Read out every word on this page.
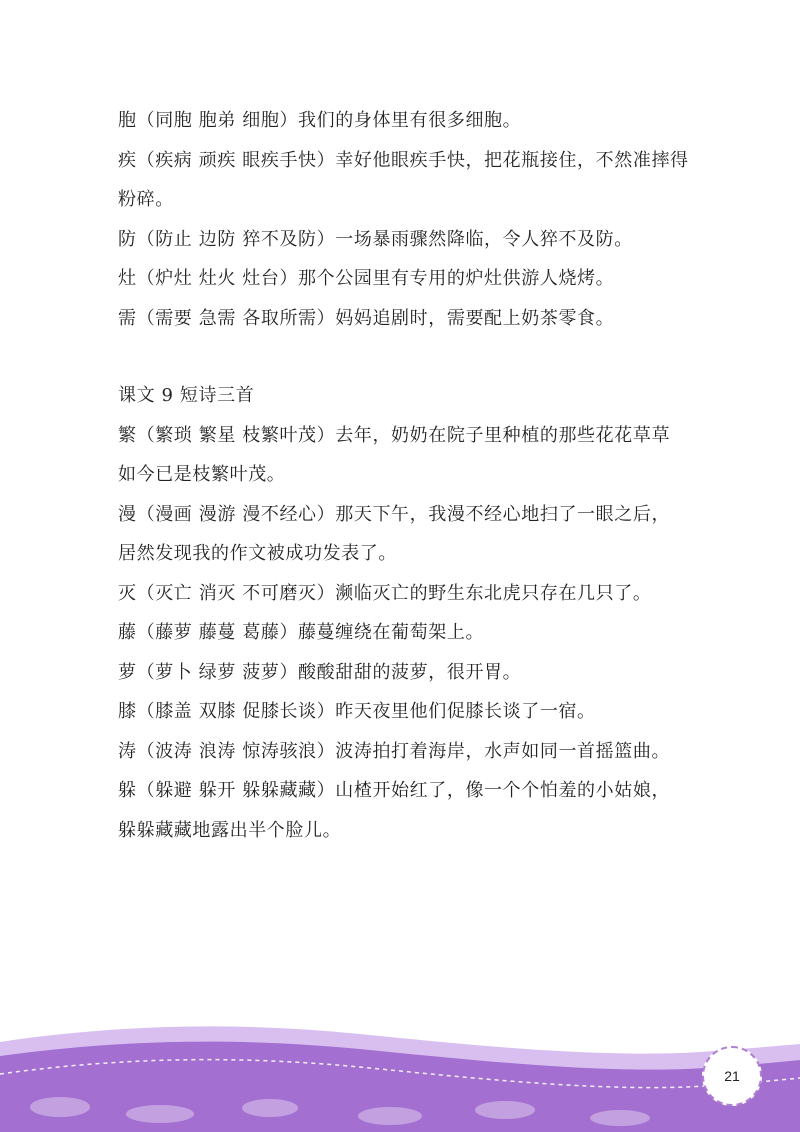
胞（同胞 胞弟 细胞）我们的身体里有很多细胞。
疾（疾病 顽疾 眼疾手快）幸好他眼疾手快，把花瓶接住，不然准摔得
粉碎。
防（防止 边防 猝不及防）一场暴雨骤然降临，令人猝不及防。
灶（炉灶 灶火 灶台）那个公园里有专用的炉灶供游人烧烤。
需（需要 急需 各取所需）妈妈追剧时，需要配上奶茶零食。
课文 9 短诗三首
繁（繁琐 繁星 枝繁叶茂）去年，奶奶在院子里种植的那些花花草草
如今已是枝繁叶茂。
漫（漫画 漫游 漫不经心）那天下午，我漫不经心地扫了一眼之后，
居然发现我的作文被成功发表了。
灭（灭亡 消灭 不可磨灭）濒临灭亡的野生东北虎只存在几只了。
藤（藤萝 藤蔓 葛藤）藤蔓缠绕在葡萄架上。
萝（萝卜 绿萝 菠萝）酸酸甜甜的菠萝，很开胃。
膝（膝盖 双膝 促膝长谈）昨天夜里他们促膝长谈了一宿。
涛（波涛 浪涛 惊涛骇浪）波涛拍打着海岸，水声如同一首摇篮曲。
躲（躲避 躲开 躲躲藏藏）山楂开始红了，像一个个怕羞的小姑娘，
躲躲藏藏地露出半个脸儿。
21
